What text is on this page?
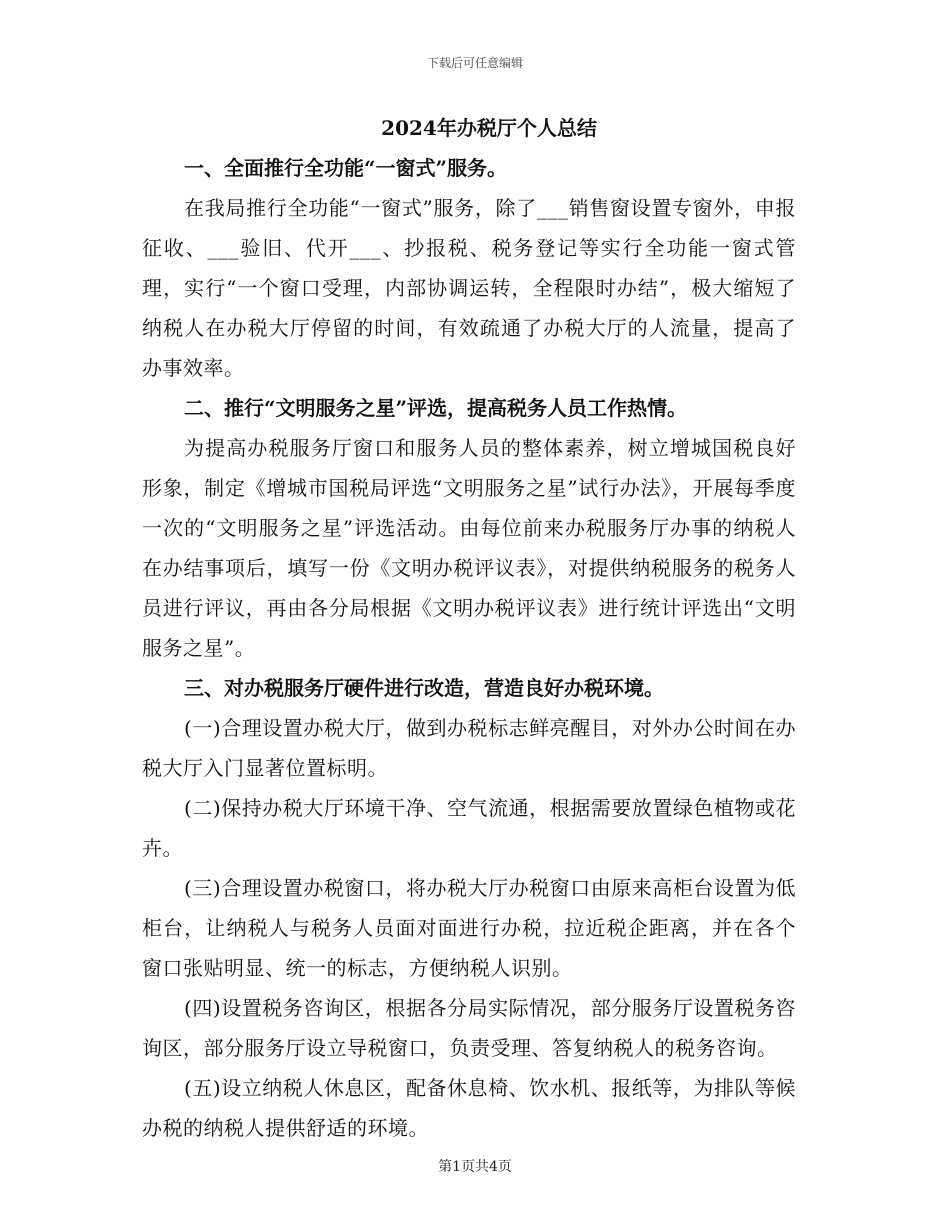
下载后可任意编辑
2024年办税厅个人总结

一、全面推行全功能“一窗式”服务。

在我局推行全功能“一窗式”服务，除了___销售窗设置专窗外，申报征收、___验旧、代开___、抄报税、税务登记等实行全功能一窗式管理，实行“一个窗口受理，内部协调运转，全程限时办结”，极大缩短了纳税人在办税大厅停留的时间，有效疏通了办税大厅的人流量，提高了办事效率。

二、推行“文明服务之星”评选，提高税务人员工作热情。

为提高办税服务厅窗口和服务人员的整体素养，树立增城国税良好形象，制定《增城市国税局评选“文明服务之星”试行办法》，开展每季度一次的“文明服务之星”评选活动。由每位前来办税服务厅办事的纳税人在办结事项后，填写一份《文明办税评议表》，对提供纳税服务的税务人员进行评议，再由各分局根据《文明办税评议表》进行统计评选出“文明服务之星”。

三、对办税服务厅硬件进行改造，营造良好办税环境。

(一)合理设置办税大厅，做到办税标志鲜亮醒目，对外办公时间在办税大厅入门显著位置标明。

(二)保持办税大厅环境干净、空气流通，根据需要放置绿色植物或花卉。

(三)合理设置办税窗口，将办税大厅办税窗口由原来高柜台设置为低柜台，让纳税人与税务人员面对面进行办税，拉近税企距离，并在各个窗口张贴明显、统一的标志，方便纳税人识别。

(四)设置税务咨询区，根据各分局实际情况，部分服务厅设置税务咨询区，部分服务厅设立导税窗口，负责受理、答复纳税人的税务咨询。

(五)设立纳税人休息区，配备休息椅、饮水机、报纸等，为排队等候办税的纳税人提供舒适的环境。

第1页共4页
